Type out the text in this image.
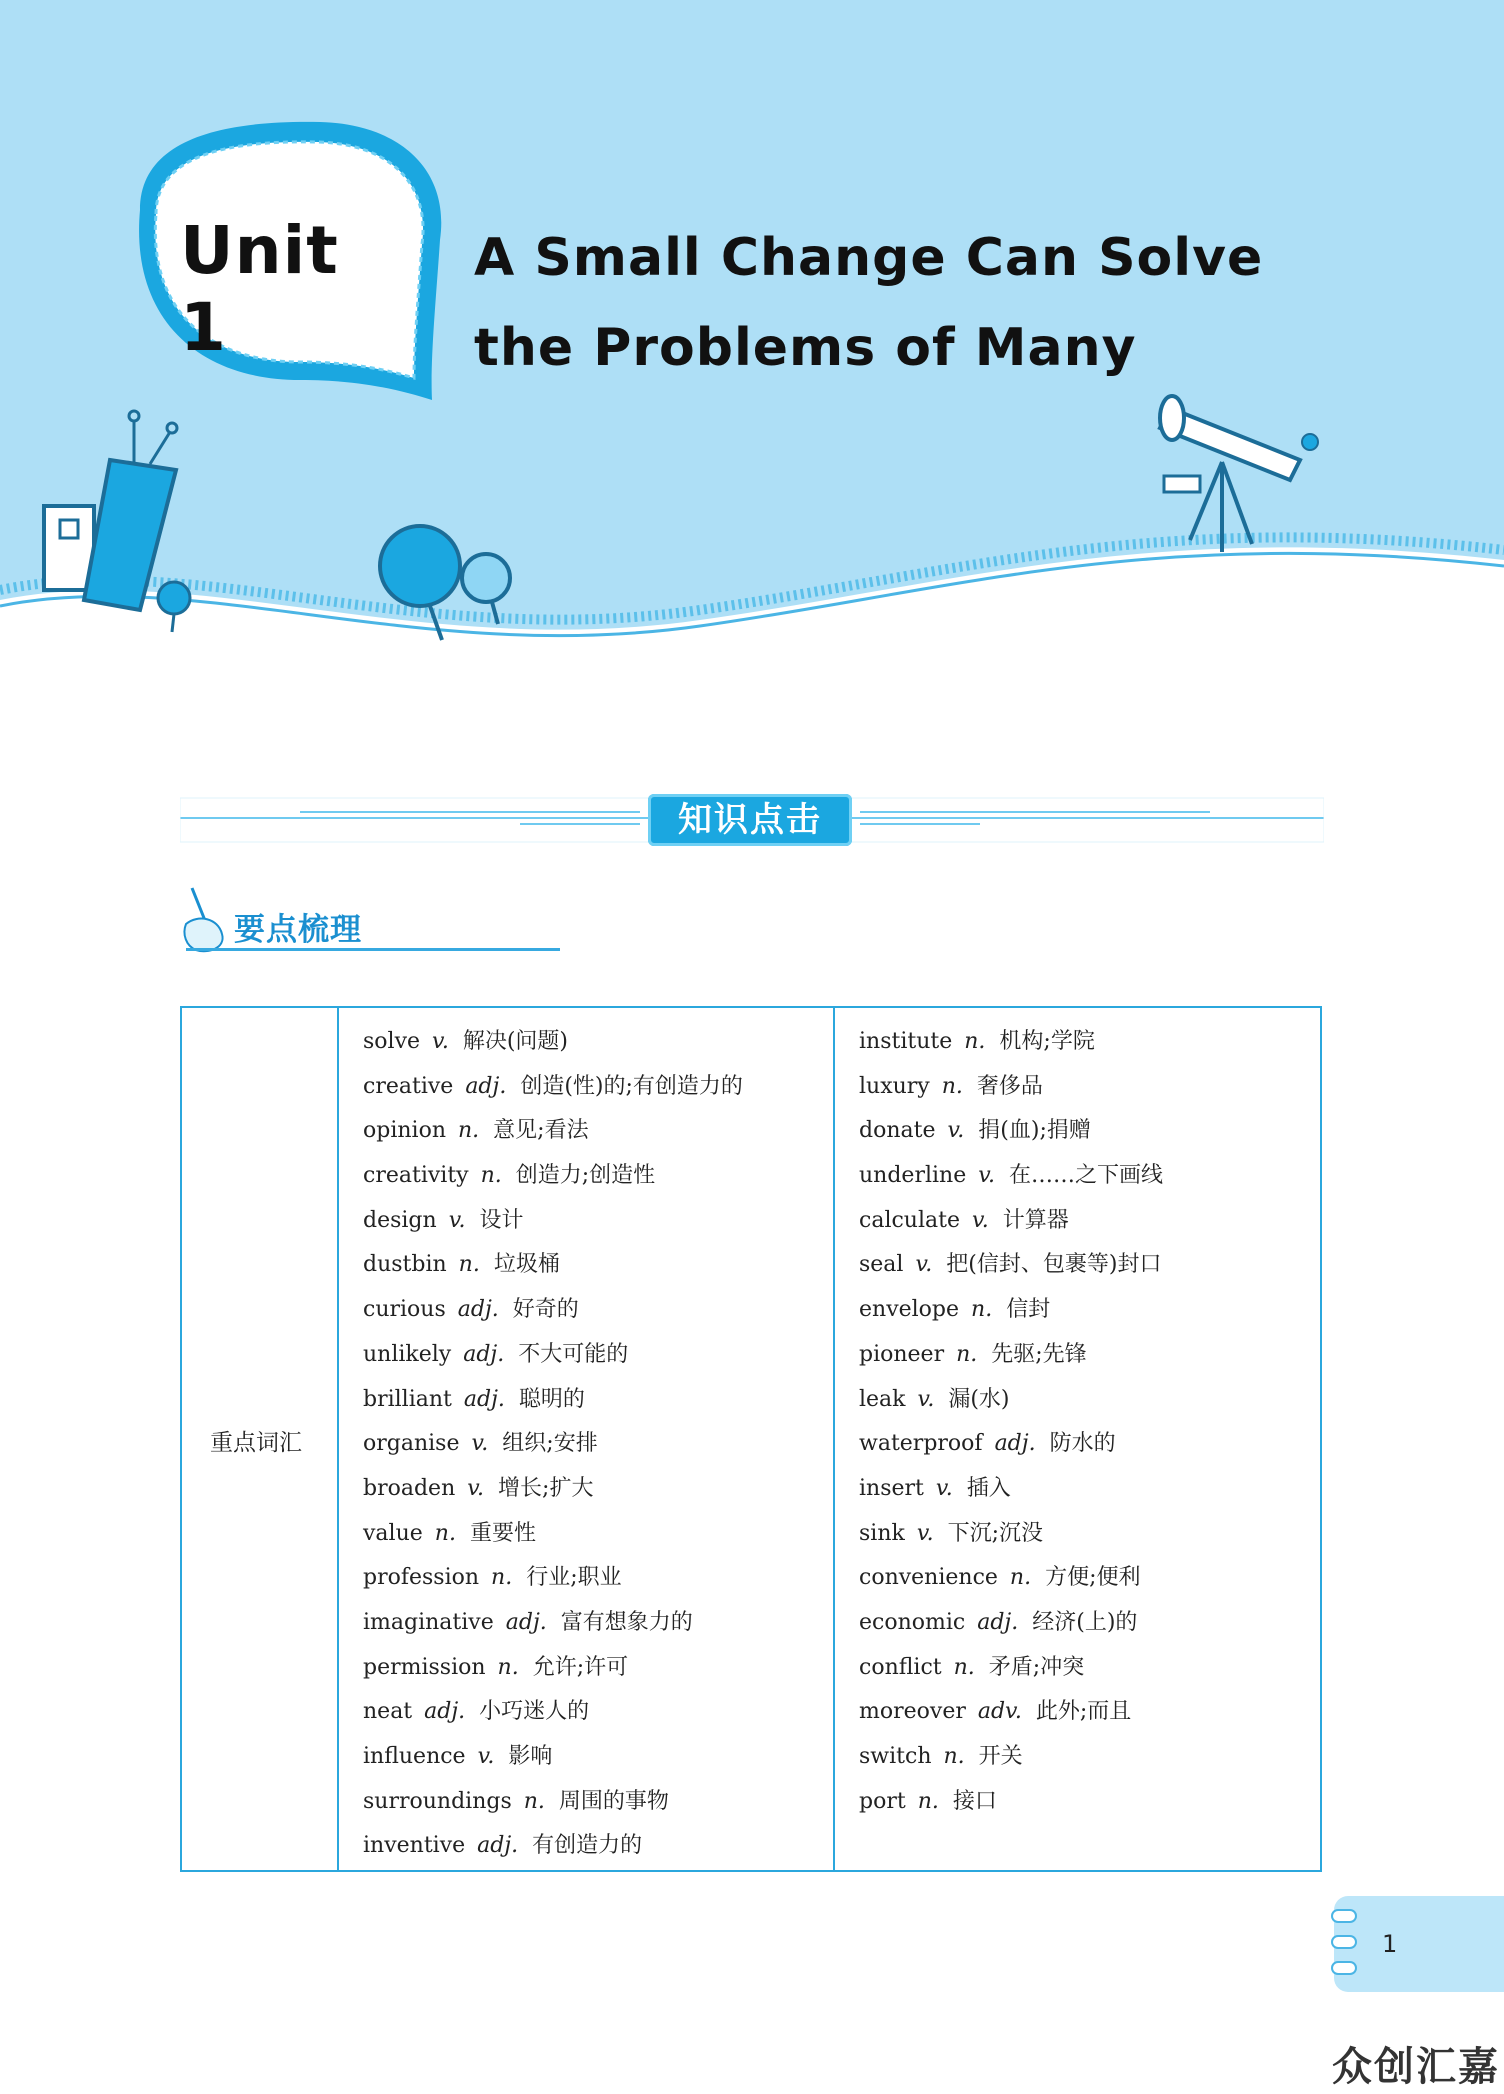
Unit 1
A Small Change Can Solve
the Problems of Many
知识点击
要点梳理
重点词汇
solve v. 解决(问题)
creative adj. 创造(性)的;有创造力的
opinion n. 意见;看法
creativity n. 创造力;创造性
design v. 设计
dustbin n. 垃圾桶
curious adj. 好奇的
unlikely adj. 不大可能的
brilliant adj. 聪明的
organise v. 组织;安排
broaden v. 增长;扩大
value n. 重要性
profession n. 行业;职业
imaginative adj. 富有想象力的
permission n. 允许;许可
neat adj. 小巧迷人的
influence v. 影响
surroundings n. 周围的事物
inventive adj. 有创造力的
institute n. 机构;学院
luxury n. 奢侈品
donate v. 捐(血);捐赠
underline v. 在……之下画线
calculate v. 计算器
seal v. 把(信封、包裹等)封口
envelope n. 信封
pioneer n. 先驱;先锋
leak v. 漏(水)
waterproof adj. 防水的
insert v. 插入
sink v. 下沉;沉没
convenience n. 方便;便利
economic adj. 经济(上)的
conflict n. 矛盾;冲突
moreover adv. 此外;而且
switch n. 开关
port n. 接口
1
众创汇嘉
